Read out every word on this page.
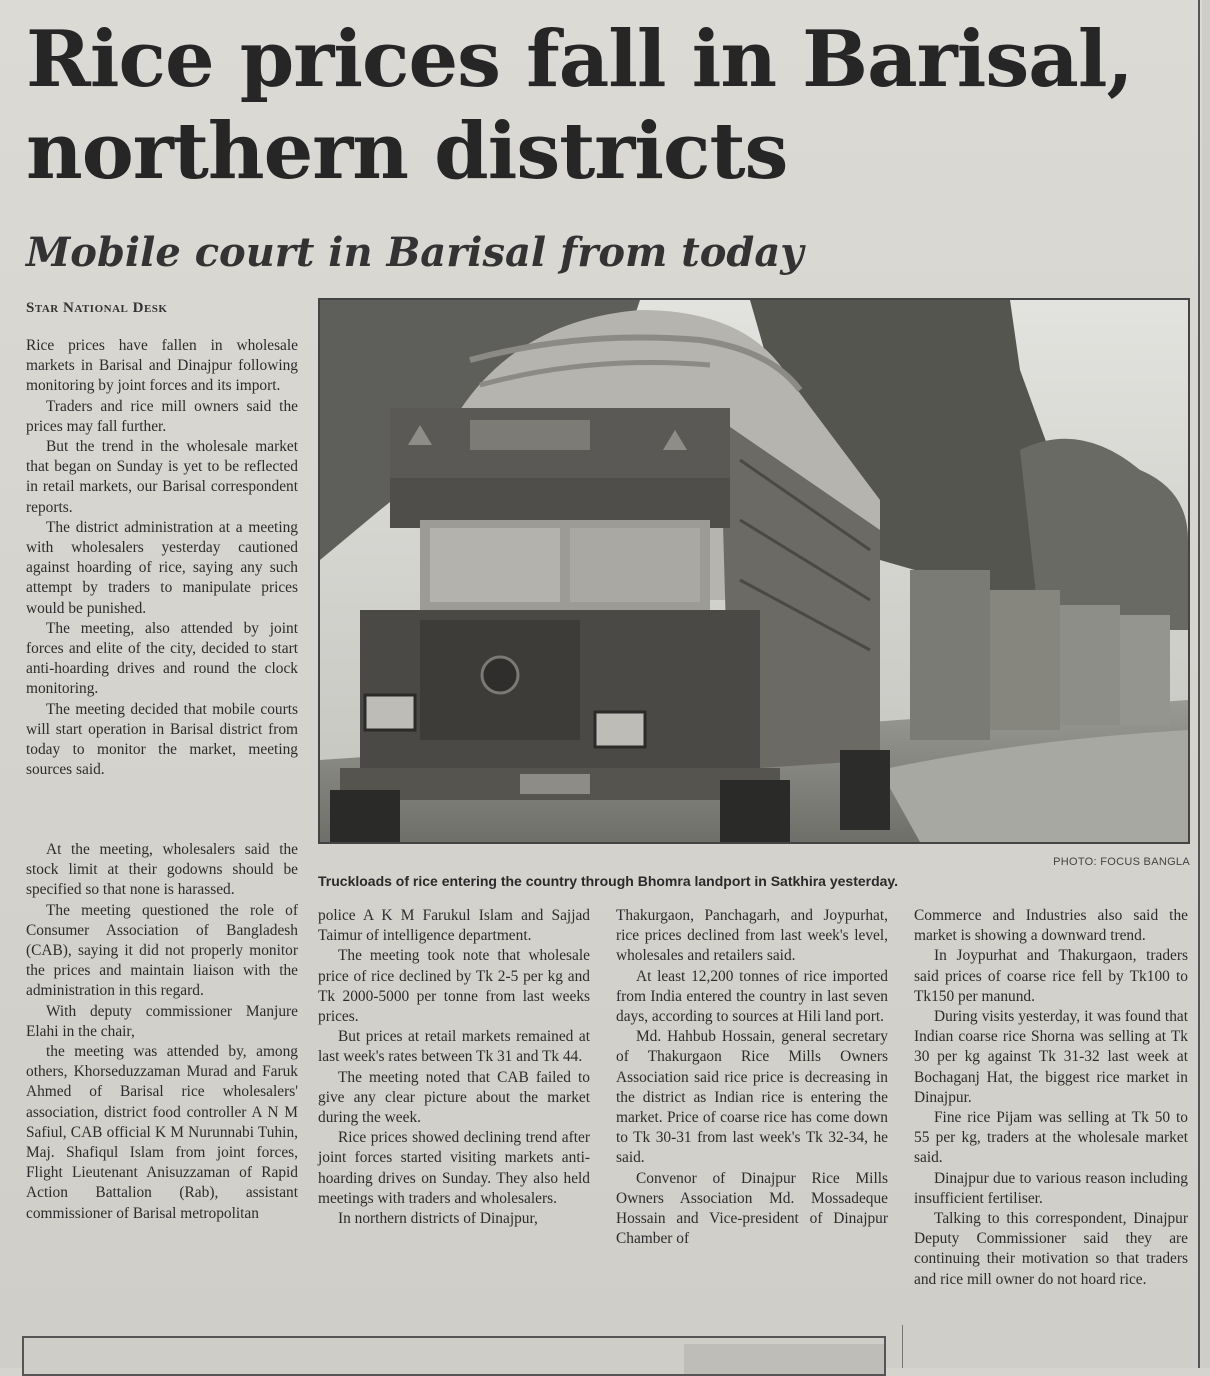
Rice prices fall in Barisal, northern districts
Mobile court in Barisal from today
Star National Desk

Rice prices have fallen in wholesale markets in Barisal and Dinajpur following monitoring by joint forces and its import.

Traders and rice mill owners said the prices may fall further.

But the trend in the wholesale market that began on Sunday is yet to be reflected in retail markets, our Barisal correspondent reports.

The district administration at a meeting with wholesalers yesterday cautioned against hoarding of rice, saying any such attempt by traders to manipulate prices would be punished.

The meeting, also attended by joint forces and elite of the city, decided to start anti-hoarding drives and round the clock monitoring.

The meeting decided that mobile courts will start operation in Barisal district from today to monitor the market, meeting sources said.

At the meeting, wholesalers said the stock limit at their godowns should be specified so that none is harassed.

The meeting questioned the role of Consumer Association of Bangladesh (CAB), saying it did not properly monitor the prices and maintain liaison with the administration in this regard.

With deputy commissioner Manjure Elahi in the chair,

the meeting was attended by, among others, Khorseduzzaman Murad and Faruk Ahmed of Barisal rice wholesalers' association, district food controller A N M Safiul, CAB official K M Nurunnabi Tuhin, Maj. Shafiqul Islam from joint forces, Flight Lieutenant Anisuzzaman of Rapid Action Battalion (Rab), assistant commissioner of Barisal metropolitan

PHOTO: FOCUS BANGLA
Truckloads of rice entering the country through Bhomra landport in Satkhira yesterday.

police A K M Farukul Islam and Sajjad Taimur of intelligence department.

The meeting took note that wholesale price of rice declined by Tk 2-5 per kg and Tk 2000-5000 per tonne from last weeks prices.

But prices at retail markets remained at last week's rates between Tk 31 and Tk 44.

The meeting noted that CAB failed to give any clear picture about the market during the week.

Rice prices showed declining trend after joint forces started visiting markets anti-hoarding drives on Sunday. They also held meetings with traders and wholesalers.

In northern districts of Dinajpur,

Thakurgaon, Panchagarh, and Joypurhat, rice prices declined from last week's level, wholesales and retailers said.

At least 12,200 tonnes of rice imported from India entered the country in last seven days, according to sources at Hili land port.

Md. Hahbub Hossain, general secretary of Thakurgaon Rice Mills Owners Association said rice price is decreasing in the district as Indian rice is entering the market. Price of coarse rice has come down to Tk 30-31 from last week's Tk 32-34, he said.

Convenor of Dinajpur Rice Mills Owners Association Md. Mossadeque Hossain and Vice-president of Dinajpur Chamber of

Commerce and Industries also said the market is showing a downward trend.

In Joypurhat and Thakurgaon, traders said prices of coarse rice fell by Tk100 to Tk150 per manund.

During visits yesterday, it was found that Indian coarse rice Shorna was selling at Tk 30 per kg against Tk 31-32 last week at Bochaganj Hat, the biggest rice market in Dinajpur.

Fine rice Pijam was selling at Tk 50 to 55 per kg, traders at the wholesale market said.

Dinajpur due to various reason including insufficient fertiliser.

Talking to this correspondent, Dinajpur Deputy Commissioner said they are continuing their motivation so that traders and rice mill owner do not hoard rice.
